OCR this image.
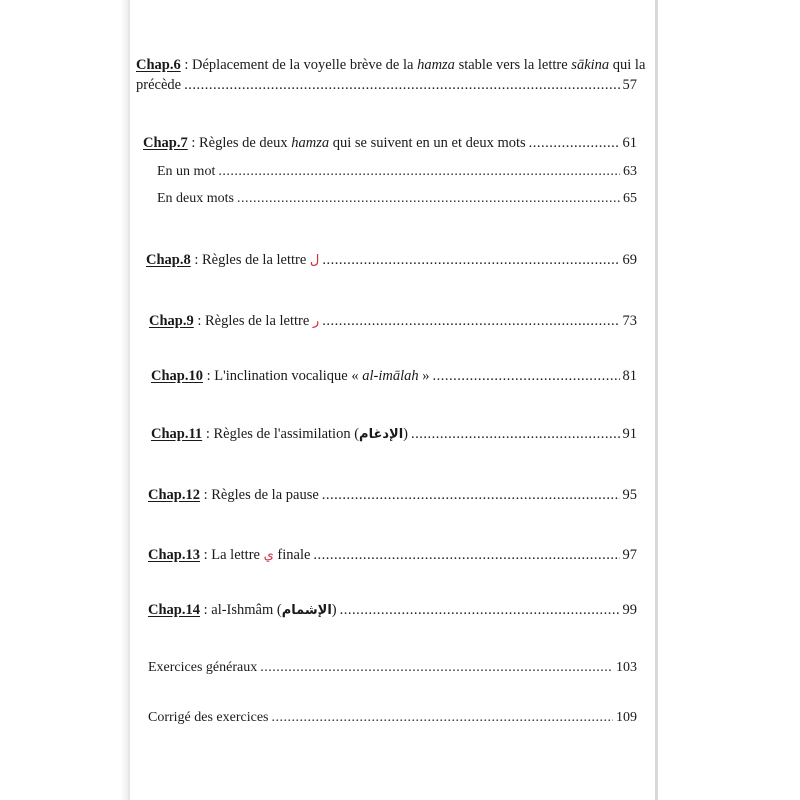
Chap.6 : Déplacement de la voyelle brève de la hamza stable vers la lettre sākina qui la
précède .....	57
Chap.7 : Règles de deux hamza qui se suivent en un et deux mots .....	61
En un mot .....	63
En deux mots .....	65
Chap.8 : Règles de la lettre ل .....	69
Chap.9 : Règles de la lettre ر .....	73
Chap.10 : L'inclination vocalique « al-imālah » .....	81
Chap.11 : Règles de l'assimilation ( الإدغام ) .....	91
Chap.12 : Règles de la pause .....	95
Chap.13 : La lettre ي finale .....	97
Chap.14 : al-Ishmâm ( الإشمام ) .....	99
Exercices généraux .....	103
Corrigé des exercices .....	109
